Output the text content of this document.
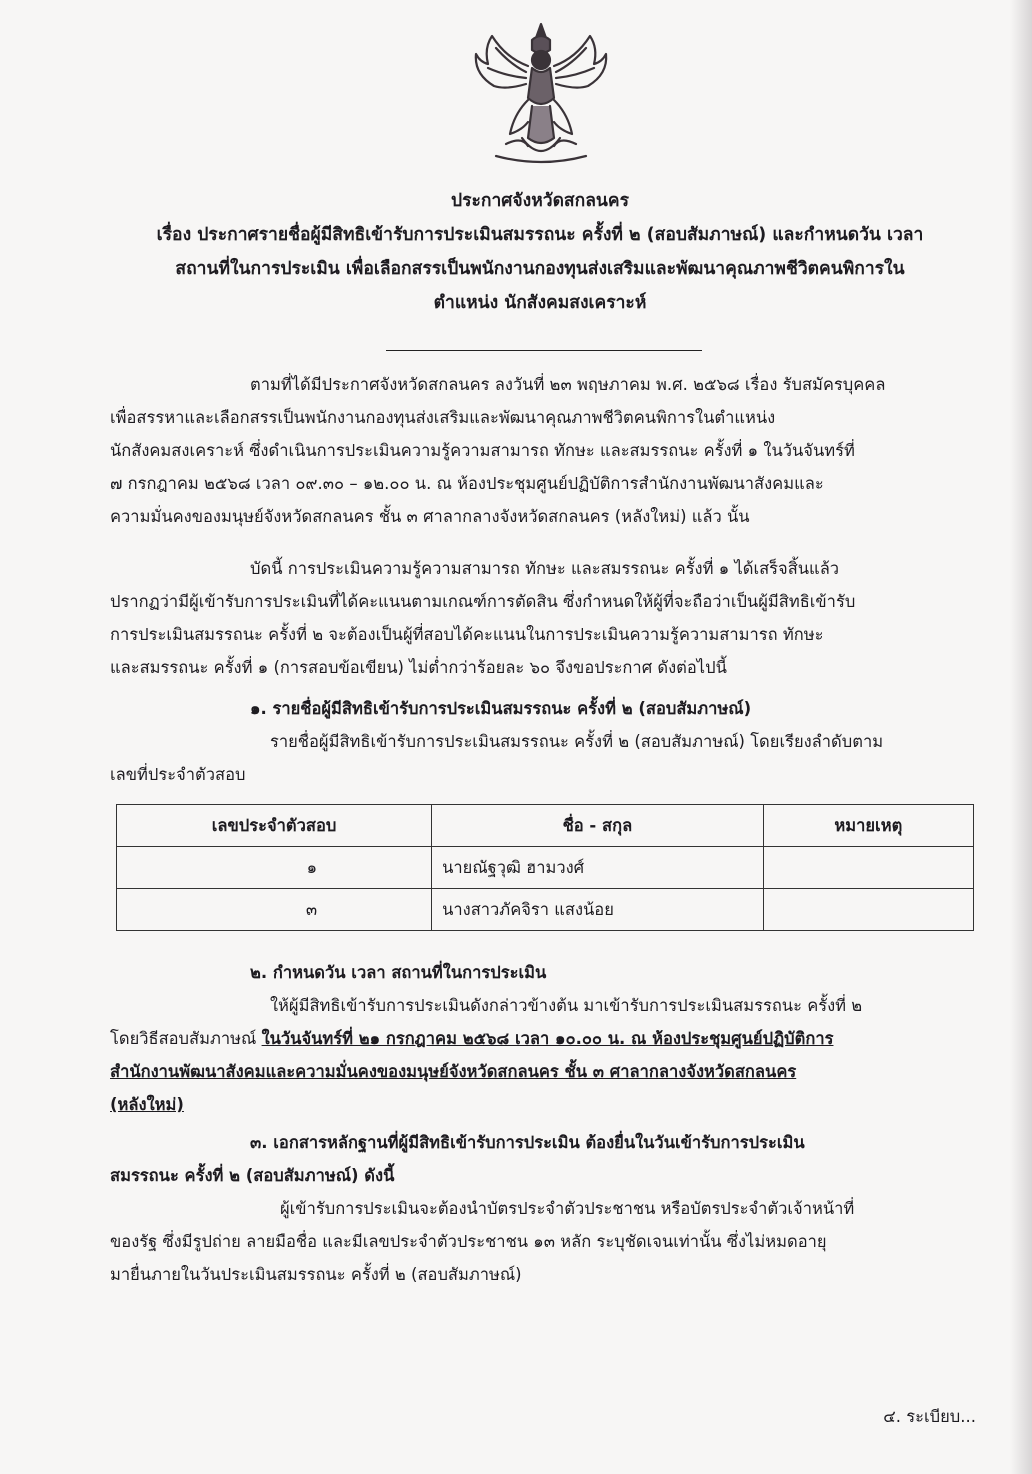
ประกาศจังหวัดสกลนคร
เรื่อง ประกาศรายชื่อผู้มีสิทธิเข้ารับการประเมินสมรรถนะ ครั้งที่ ๒ (สอบสัมภาษณ์) และกำหนดวัน เวลา
สถานที่ในการประเมิน เพื่อเลือกสรรเป็นพนักงานกองทุนส่งเสริมและพัฒนาคุณภาพชีวิตคนพิการใน
ตำแหน่ง นักสังคมสงเคราะห์
ตามที่ได้มีประกาศจังหวัดสกลนคร ลงวันที่ ๒๓ พฤษภาคม พ.ศ. ๒๕๖๘ เรื่อง รับสมัครบุคคล
เพื่อสรรหาและเลือกสรรเป็นพนักงานกองทุนส่งเสริมและพัฒนาคุณภาพชีวิตคนพิการในตำแหน่ง
นักสังคมสงเคราะห์ ซึ่งดำเนินการประเมินความรู้ความสามารถ ทักษะ และสมรรถนะ ครั้งที่ ๑ ในวันจันทร์ที่
๗ กรกฎาคม ๒๕๖๘ เวลา ๐๙.๓๐ – ๑๒.๐๐ น. ณ ห้องประชุมศูนย์ปฏิบัติการสำนักงานพัฒนาสังคมและ
ความมั่นคงของมนุษย์จังหวัดสกลนคร ชั้น ๓ ศาลากลางจังหวัดสกลนคร (หลังใหม่) แล้ว นั้น
บัดนี้ การประเมินความรู้ความสามารถ ทักษะ และสมรรถนะ ครั้งที่ ๑ ได้เสร็จสิ้นแล้ว
ปรากฏว่ามีผู้เข้ารับการประเมินที่ได้คะแนนตามเกณฑ์การตัดสิน ซึ่งกำหนดให้ผู้ที่จะถือว่าเป็นผู้มีสิทธิเข้ารับ
การประเมินสมรรถนะ ครั้งที่ ๒ จะต้องเป็นผู้ที่สอบได้คะแนนในการประเมินความรู้ความสามารถ ทักษะ
และสมรรถนะ ครั้งที่ ๑ (การสอบข้อเขียน) ไม่ต่ำกว่าร้อยละ ๖๐ จึงขอประกาศ ดังต่อไปนี้
๑. รายชื่อผู้มีสิทธิเข้ารับการประเมินสมรรถนะ ครั้งที่ ๒ (สอบสัมภาษณ์)
รายชื่อผู้มีสิทธิเข้ารับการประเมินสมรรถนะ ครั้งที่ ๒ (สอบสัมภาษณ์) โดยเรียงลำดับตาม
เลขที่ประจำตัวสอบ
เลขประจำตัวสอบ	ชื่อ - สกุล	หมายเหตุ
๑	นายณัฐวุฒิ ฮามวงศ์	
๓	นางสาวภัคจิรา แสงน้อย	
๒. กำหนดวัน เวลา สถานที่ในการประเมิน
ให้ผู้มีสิทธิเข้ารับการประเมินดังกล่าวข้างต้น มาเข้ารับการประเมินสมรรถนะ ครั้งที่ ๒
โดยวิธีสอบสัมภาษณ์ ในวันจันทร์ที่ ๒๑ กรกฎาคม ๒๕๖๘ เวลา ๑๐.๐๐ น. ณ ห้องประชุมศูนย์ปฏิบัติการ
สำนักงานพัฒนาสังคมและความมั่นคงของมนุษย์จังหวัดสกลนคร ชั้น ๓ ศาลากลางจังหวัดสกลนคร
(หลังใหม่)
๓. เอกสารหลักฐานที่ผู้มีสิทธิเข้ารับการประเมิน ต้องยื่นในวันเข้ารับการประเมิน
สมรรถนะ ครั้งที่ ๒ (สอบสัมภาษณ์) ดังนี้
ผู้เข้ารับการประเมินจะต้องนำบัตรประจำตัวประชาชน หรือบัตรประจำตัวเจ้าหน้าที่
ของรัฐ ซึ่งมีรูปถ่าย ลายมือชื่อ และมีเลขประจำตัวประชาชน ๑๓ หลัก ระบุชัดเจนเท่านั้น ซึ่งไม่หมดอายุ
มายื่นภายในวันประเมินสมรรถนะ ครั้งที่ ๒ (สอบสัมภาษณ์)
๔. ระเบียบ...
